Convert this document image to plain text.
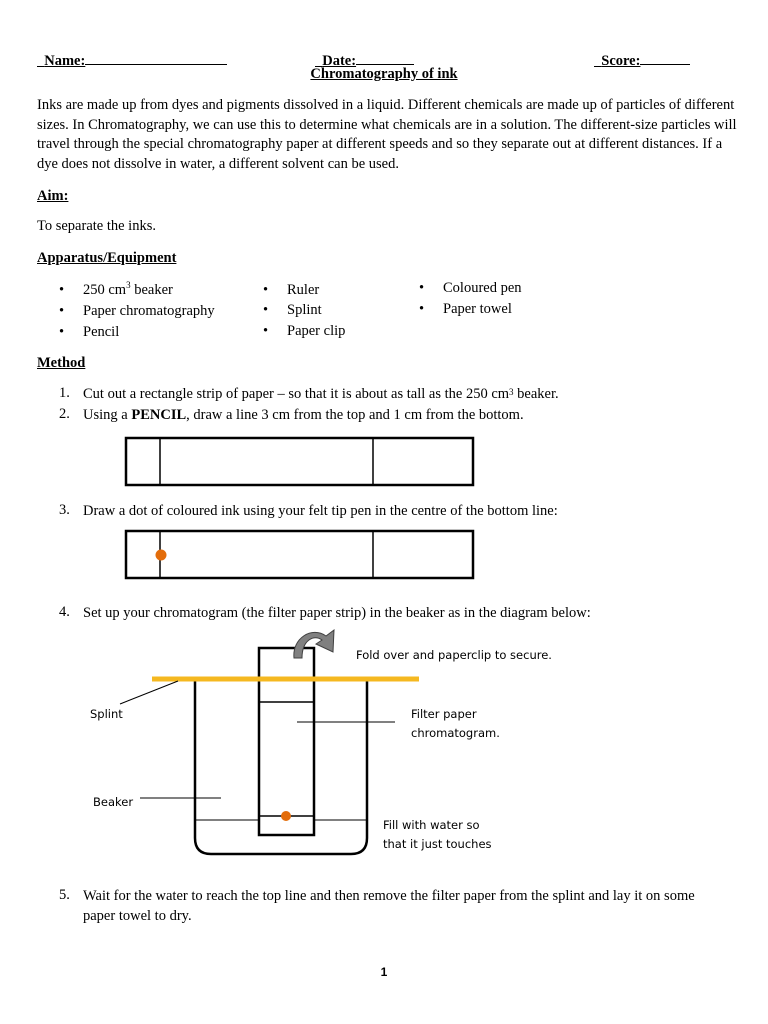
Name:	Date:	Score:

Chromatography of ink
Inks are made up from dyes and pigments dissolved in a liquid. Different chemicals are made up of particles of different sizes. In Chromatography, we can use this to determine what chemicals are in a solution. The different-size particles will travel through the special chromatography paper at different speeds and so they separate out at different distances. If a dye does not dissolve in water, a different solvent can be used.
Aim:
To separate the inks.
Apparatus/Equipment
• 250 $cm^3$ beaker
• Paper chromatography
• Pencil
• Ruler
• Splint
• Paper clip
• Coloured pen
• Paper towel
Method
1. Cut out a rectangle strip of paper – so that it is about as tall as the 250 $cm^3$ beaker.
2. Using a PENCIL, draw a line 3 cm from the top and 1 cm from the bottom.
3. Draw a dot of coloured ink using your felt tip pen in the centre of the bottom line:
4. Set up your chromatogram (the filter paper strip) in the beaker as in the diagram below:
Fold over and paperclip to secure.
Splint	Filter paper
chromatogram.
Beaker
Fill with water so
that it just touches
5. Wait for the water to reach the top line and then remove the filter paper from the splint and lay it on some paper towel to dry.
1
